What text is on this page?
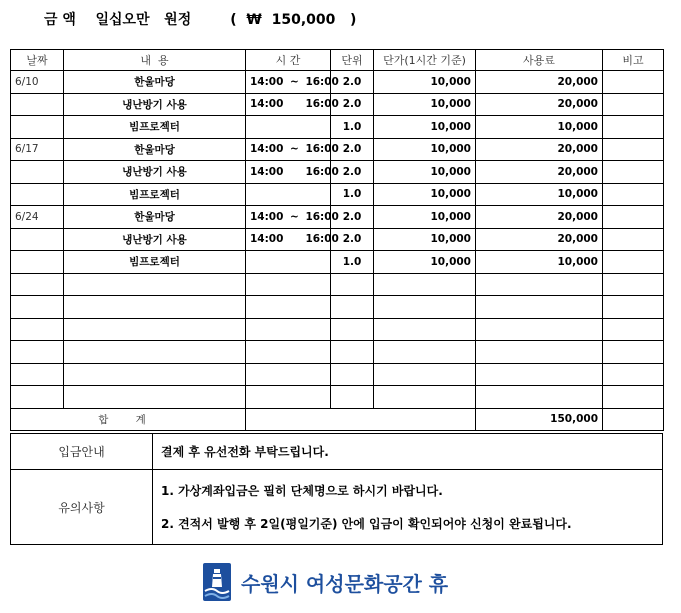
금 액 일십오만 원정	( ₩ 150,000 )
날짜	내  용	시 간	단위	단가(1시간 기준)	사용료	비고
6/10	한울마당	14:00 ~ 16:00	2.0	10,000	20,000	
	냉난방기 사용	14:00 16:00	2.0	10,000	20,000	
	빔프로젝터		1.0	10,000	10,000	
6/17	한울마당	14:00 ~ 16:00	2.0	10,000	20,000	
	냉난방기 사용	14:00 16:00	2.0	10,000	20,000	
	빔프로젝터		1.0	10,000	10,000	
6/24	한울마당	14:00 ~ 16:00	2.0	10,000	20,000	
	냉난방기 사용	14:00 16:00	2.0	10,000	20,000	
	빔프로젝터		1.0	10,000	10,000	

합 계					150,000	
입금안내	결제 후 유선전화 부탁드립니다.
유의사항	1. 가상계좌입금은 필히 단체명으로 하시기 바랍니다.
2. 견적서 발행 후 2일(평일기준) 안에 입금이 확인되어야 신청이 완료됩니다.
수원시 여성문화공간 휴
